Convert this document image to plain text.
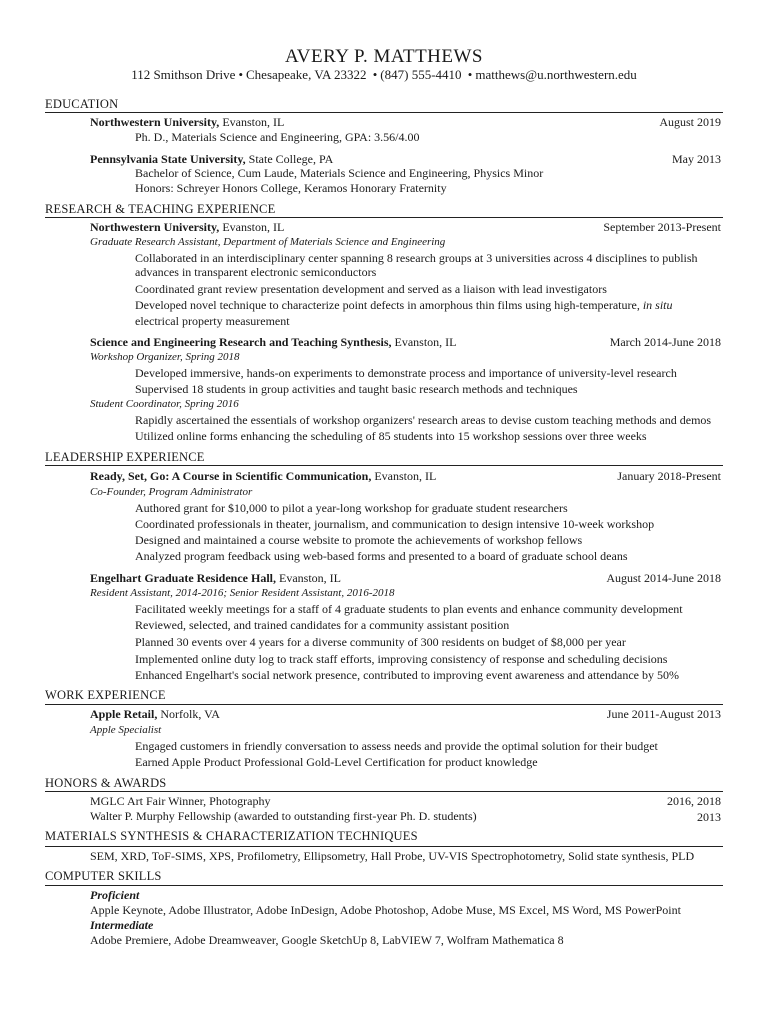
AVERY P. MATTHEWS
112 Smithson Drive • Chesapeake, VA 23322 • (847) 555-4410 • matthews@u.northwestern.edu
EDUCATION
Northwestern University, Evanston, IL	August 2019
Ph. D., Materials Science and Engineering, GPA: 3.56/4.00
Pennsylvania State University, State College, PA	May 2013
Bachelor of Science, Cum Laude, Materials Science and Engineering, Physics Minor
Honors: Schreyer Honors College, Keramos Honorary Fraternity
RESEARCH & TEACHING EXPERIENCE
Northwestern University, Evanston, IL	September 2013-Present
Graduate Research Assistant, Department of Materials Science and Engineering
Collaborated in an interdisciplinary center spanning 8 research groups at 3 universities across 4 disciplines to publish
advances in transparent electronic semiconductors
Coordinated grant review presentation development and served as a liaison with lead investigators
Developed novel technique to characterize point defects in amorphous thin films using high-temperature, in situ
electrical property measurement
Science and Engineering Research and Teaching Synthesis, Evanston, IL	March 2014-June 2018
Workshop Organizer, Spring 2018
Developed immersive, hands-on experiments to demonstrate process and importance of university-level research
Supervised 18 students in group activities and taught basic research methods and techniques
Student Coordinator, Spring 2016
Rapidly ascertained the essentials of workshop organizers' research areas to devise custom teaching methods and demos
Utilized online forms enhancing the scheduling of 85 students into 15 workshop sessions over three weeks
LEADERSHIP EXPERIENCE
Ready, Set, Go: A Course in Scientific Communication, Evanston, IL	January 2018-Present
Co-Founder, Program Administrator
Authored grant for $10,000 to pilot a year-long workshop for graduate student researchers
Coordinated professionals in theater, journalism, and communication to design intensive 10-week workshop
Designed and maintained a course website to promote the achievements of workshop fellows
Analyzed program feedback using web-based forms and presented to a board of graduate school deans
Engelhart Graduate Residence Hall, Evanston, IL	August 2014-June 2018
Resident Assistant, 2014-2016; Senior Resident Assistant, 2016-2018
Facilitated weekly meetings for a staff of 4 graduate students to plan events and enhance community development
Reviewed, selected, and trained candidates for a community assistant position
Planned 30 events over 4 years for a diverse community of 300 residents on budget of $8,000 per year
Implemented online duty log to track staff efforts, improving consistency of response and scheduling decisions
Enhanced Engelhart's social network presence, contributed to improving event awareness and attendance by 50%
WORK EXPERIENCE
Apple Retail, Norfolk, VA	June 2011-August 2013
Apple Specialist
Engaged customers in friendly conversation to assess needs and provide the optimal solution for their budget
Earned Apple Product Professional Gold-Level Certification for product knowledge
HONORS & AWARDS
MGLC Art Fair Winner, Photography	2016, 2018
Walter P. Murphy Fellowship (awarded to outstanding first-year Ph. D. students)	2013
MATERIALS SYNTHESIS & CHARACTERIZATION TECHNIQUES
SEM, XRD, ToF-SIMS, XPS, Profilometry, Ellipsometry, Hall Probe, UV-VIS Spectrophotometry, Solid state synthesis, PLD
COMPUTER SKILLS
Proficient
Apple Keynote, Adobe Illustrator, Adobe InDesign, Adobe Photoshop, Adobe Muse, MS Excel, MS Word, MS PowerPoint
Intermediate
Adobe Premiere, Adobe Dreamweaver, Google SketchUp 8, LabVIEW 7, Wolfram Mathematica 8
